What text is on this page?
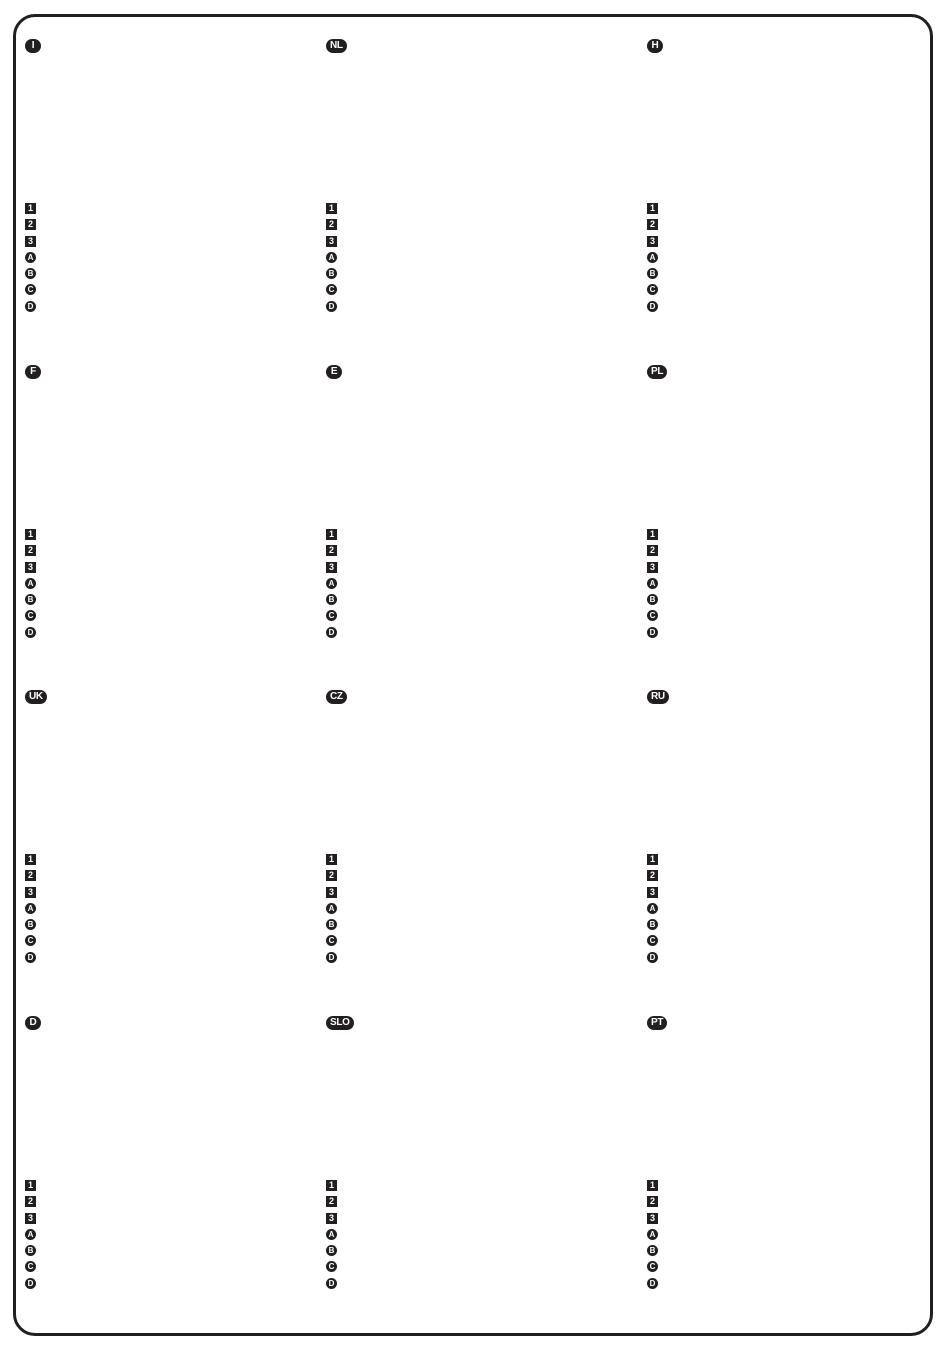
I
1
2
3
A
B
C
D
NL
1
2
3
A
B
C
D
H
1
2
3
A
B
C
D
F
1
2
3
A
B
C
D
E
1
2
3
A
B
C
D
PL
1
2
3
A
B
C
D
UK
1
2
3
A
B
C
D
CZ
1
2
3
A
B
C
D
RU
1
2
3
A
B
C
D
D
1
2
3
A
B
C
D
SLO
1
2
3
A
B
C
D
PT
1
2
3
A
B
C
D
